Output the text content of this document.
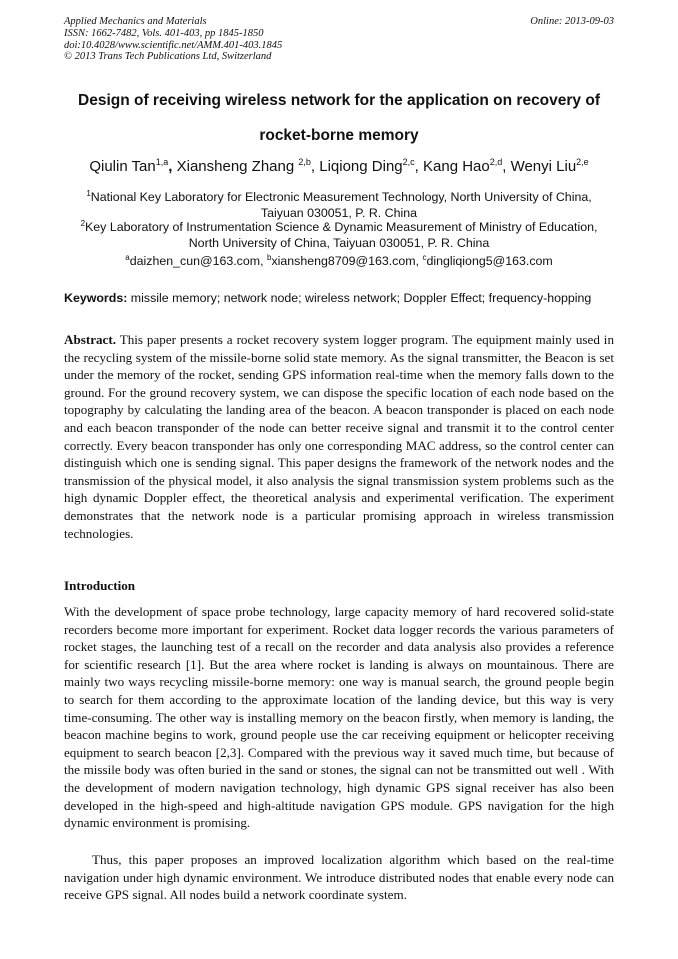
Applied Mechanics and Materials
ISSN: 1662-7482, Vols. 401-403, pp 1845-1850
doi:10.4028/www.scientific.net/AMM.401-403.1845
© 2013 Trans Tech Publications Ltd, Switzerland
Online: 2013-09-03
Design of receiving wireless network for the application on recovery of
rocket-borne memory
Qiulin Tan$^{1,a}$, Xiansheng Zhang $^{2,b}$, Liqiong Ding$^{2,c}$, Kang Hao$^{2,d}$, Wenyi Liu$^{2,e}$
$^1$National Key Laboratory for Electronic Measurement Technology, North University of China,
Taiyuan 030051, P. R. China
$^2$Key Laboratory of Instrumentation Science & Dynamic Measurement of Ministry of Education,
North University of China, Taiyuan 030051, P. R. China
$^a$daizhen_cun@163.com, $^b$xiansheng8709@163.com, $^c$dingliqiong5@163.com
Keywords: missile memory; network node; wireless network; Doppler Effect; frequency-hopping
Abstract. This paper presents a rocket recovery system logger program. The equipment mainly used in the recycling system of the missile-borne solid state memory. As the signal transmitter, the Beacon is set under the memory of the rocket, sending GPS information real-time when the memory falls down to the ground. For the ground recovery system, we can dispose the specific location of each node based on the topography by calculating the landing area of the beacon. A beacon transponder is placed on each node and each beacon transponder of the node can better receive signal and transmit it to the control center correctly. Every beacon transponder has only one corresponding MAC address, so the control center can distinguish which one is sending signal. This paper designs the framework of the network nodes and the transmission of the physical model, it also analysis the signal transmission system problems such as the high dynamic Doppler effect, the theoretical analysis and experimental verification. The experiment demonstrates that the network node is a particular promising approach in wireless transmission technologies.
Introduction
With the development of space probe technology, large capacity memory of hard recovered solid-state recorders become more important for experiment. Rocket data logger records the various parameters of rocket stages, the launching test of a recall on the recorder and data analysis also provides a reference for scientific research [1]. But the area where rocket is landing is always on mountainous. There are mainly two ways recycling missile-borne memory: one way is manual search, the ground people begin to search for them according to the approximate location of the landing device, but this way is very time-consuming. The other way is installing memory on the beacon firstly, when memory is landing, the beacon machine begins to work, ground people use the car receiving equipment or helicopter receiving equipment to search beacon [2,3]. Compared with the previous way it saved much time, but because of the missile body was often buried in the sand or stones, the signal can not be transmitted out well . With the development of modern navigation technology, high dynamic GPS signal receiver has also been developed in the high-speed and high-altitude navigation GPS module. GPS navigation for the high dynamic environment is promising.
Thus, this paper proposes an improved localization algorithm which based on the real-time navigation under high dynamic environment. We introduce distributed nodes that enable every node can receive GPS signal. All nodes build a network coordinate system.
